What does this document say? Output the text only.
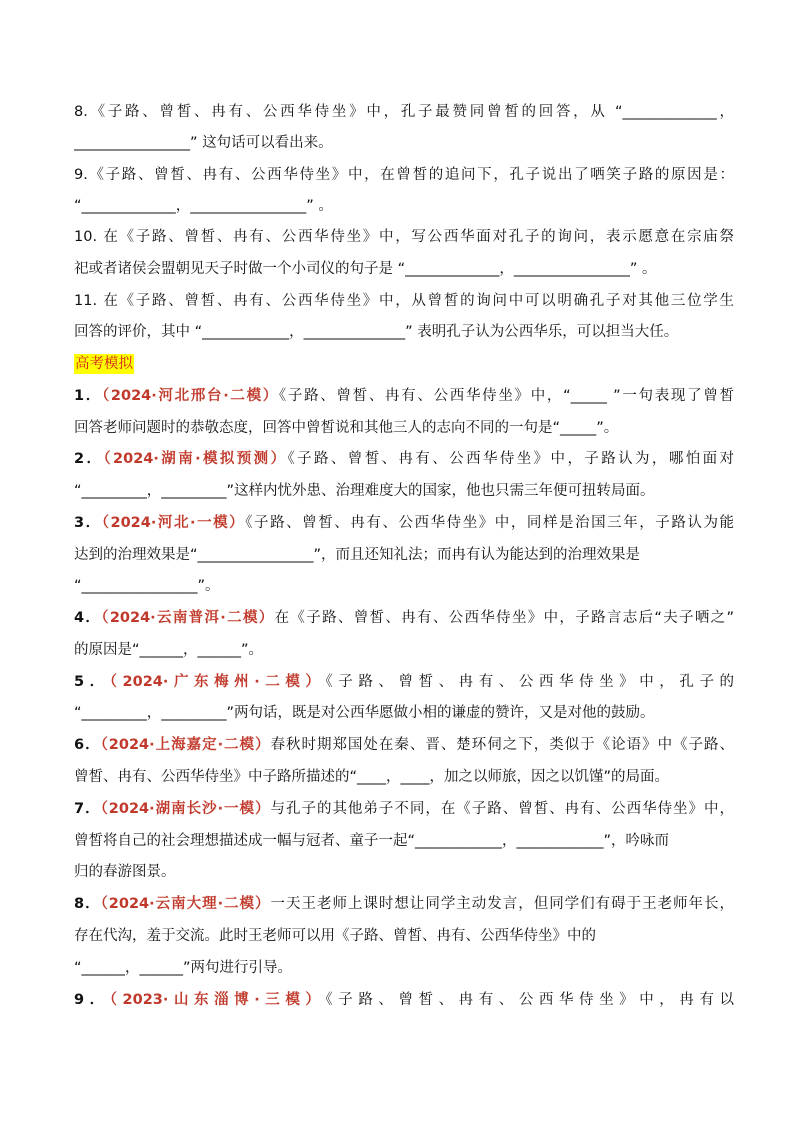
8.《子路、曾皙、冉有、公西华侍坐》中，孔子最赞同曾皙的回答，从 “_____________，
________________” 这句话可以看出来。
9.《子路、曾皙、冉有、公西华侍坐》中，在曾皙的追问下，孔子说出了哂笑子路的原因是：
“_____________，________________” 。
10. 在《子路、曾皙、冉有、公西华侍坐》中，写公西华面对孔子的询问，表示愿意在宗庙祭
祀或者诸侯会盟朝见天子时做一个小司仪的句子是 “_____________，________________” 。
11. 在《子路、曾皙、冉有、公西华侍坐》中，从曾皙的询问中可以明确孔子对其他三位学生
回答的评价，其中 “____________，______________” 表明孔子认为公西华乐，可以担当大任。
高考模拟
1．（2024·河北邢台·二模）《子路、曾皙、冉有、公西华侍坐》中，“_____ ”一句表现了曾皙
回答老师问题时的恭敬态度，回答中曾皙说和其他三人的志向不同的一句是“_____”。
2．（2024·湖南·模拟预测）《子路、曾皙、冉有、公西华侍坐》中，子路认为，哪怕面对
“_________，_________”这样内忧外患、治理难度大的国家，他也只需三年便可扭转局面。
3．（2024·河北·一模）《子路、曾皙、冉有、公西华侍坐》中，同样是治国三年，子路认为能
达到的治理效果是“________________”，而且还知礼法；而冉有认为能达到的治理效果是
“________________”。
4．（2024·云南普洱·二模）在《子路、曾皙、冉有、公西华侍坐》中，子路言志后“夫子哂之”
的原因是“______，______”。
5．（2024·广东梅州·二模）《子路、曾皙、冉有、公西华侍坐》中，孔子的
“_________，_________”两句话，既是对公西华愿做小相的谦虚的赞许，又是对他的鼓励。
6．（2024·上海嘉定·二模）春秋时期郑国处在秦、晋、楚环伺之下，类似于《论语》中《子路、
曾皙、冉有、公西华侍坐》中子路所描述的“____，____，加之以师旅，因之以饥馑”的局面。
7．（2024·湖南长沙·一模）与孔子的其他弟子不同，在《子路、曾皙、冉有、公西华侍坐》中，
曾皙将自己的社会理想描述成一幅与冠者、童子一起“____________，____________”，吟咏而
归的春游图景。
8．（2024·云南大理·二模）一天王老师上课时想让同学主动发言，但同学们有碍于王老师年长，
存在代沟，羞于交流。此时王老师可以用《子路、曾皙、冉有、公西华侍坐》中的
“______，______”两句进行引导。
9．（2023·山东淄博·三模）《子路、曾皙、冉有、公西华侍坐》中，冉有以
